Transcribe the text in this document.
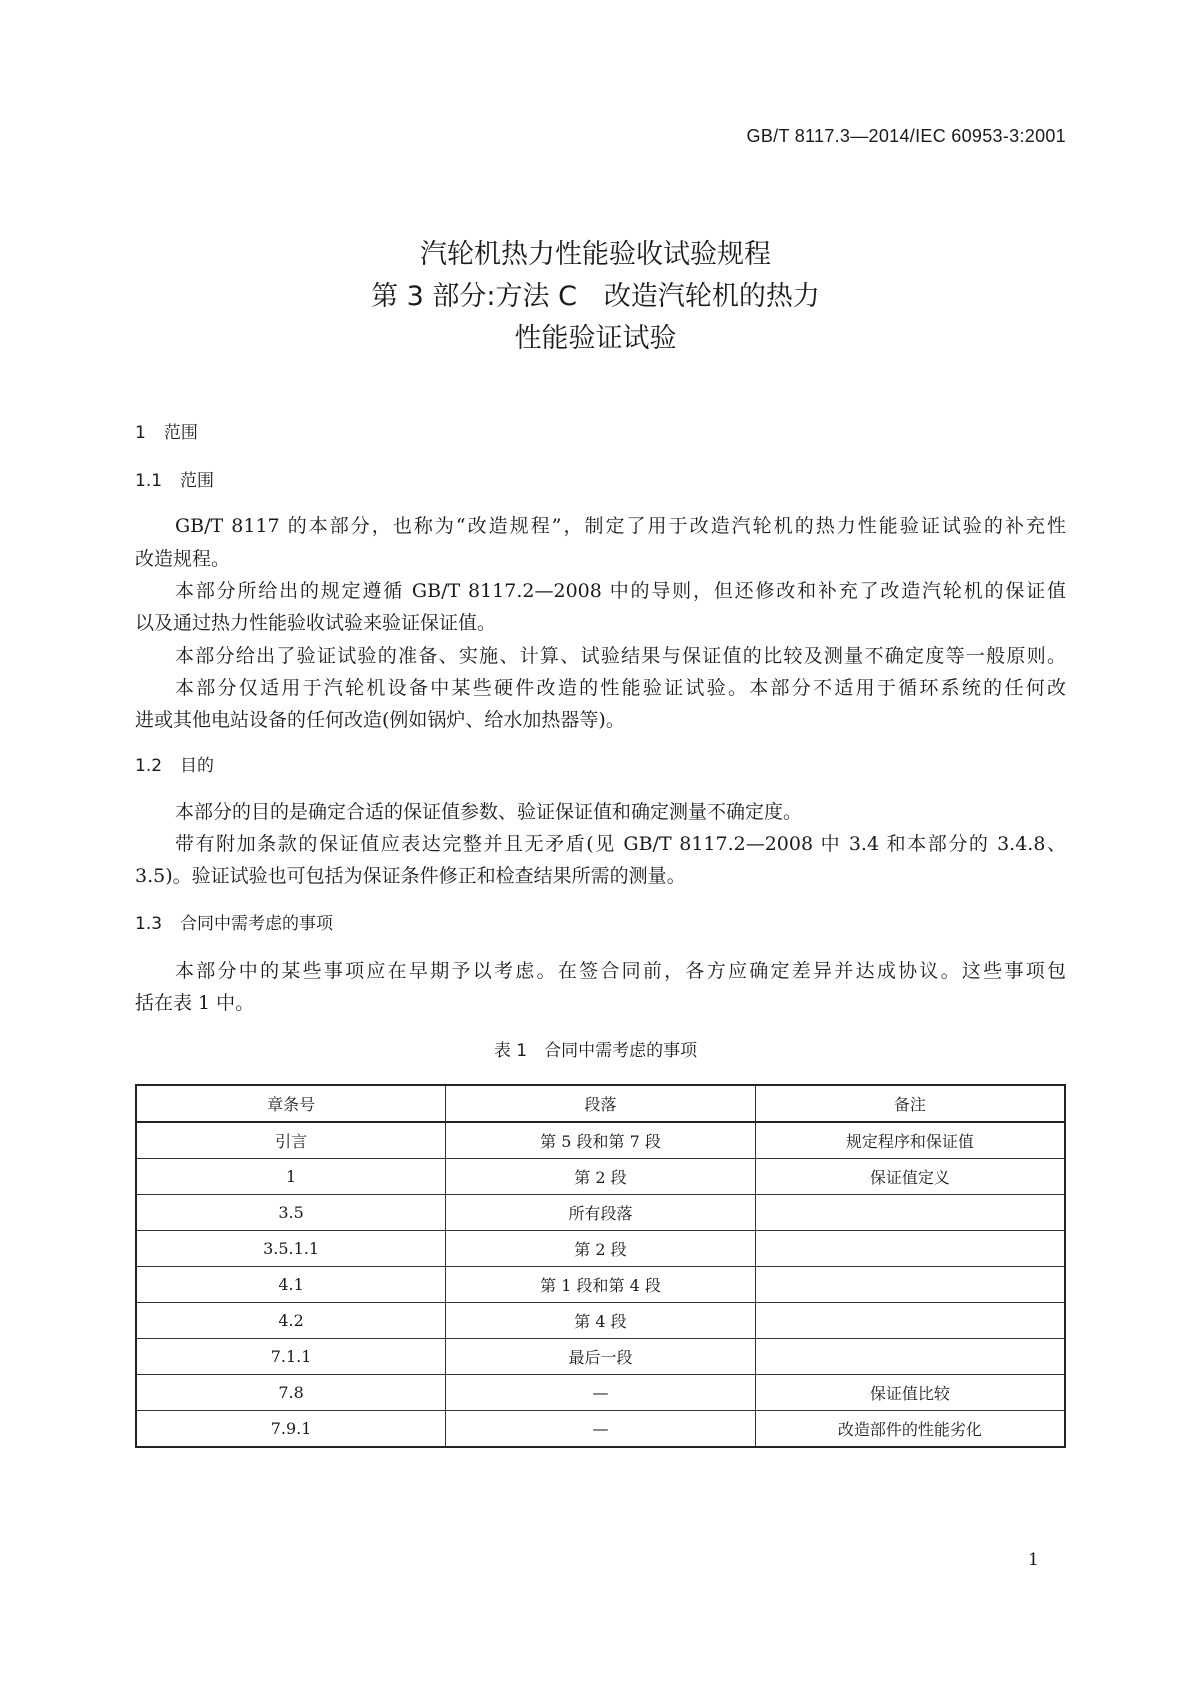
GB/T 8117.3—2014/IEC 60953-3:2001
汽轮机热力性能验收试验规程
第 3 部分:方法 C　改造汽轮机的热力
性能验证试验
1 范围
1.1 范围
GB/T 8117 的本部分，也称为“改造规程”，制定了用于改造汽轮机的热力性能验证试验的补充性
改造规程。
本部分所给出的规定遵循 GB/T 8117.2—2008 中的导则，但还修改和补充了改造汽轮机的保证值
以及通过热力性能验收试验来验证保证值。
本部分给出了验证试验的准备、实施、计算、试验结果与保证值的比较及测量不确定度等一般原则。
本部分仅适用于汽轮机设备中某些硬件改造的性能验证试验。本部分不适用于循环系统的任何改
进或其他电站设备的任何改造(例如锅炉、给水加热器等)。
1.2 目的
本部分的目的是确定合适的保证值参数、验证保证值和确定测量不确定度。
带有附加条款的保证值应表达完整并且无矛盾(见 GB/T 8117.2—2008 中 3.4 和本部分的 3.4.8、
3.5)。验证试验也可包括为保证条件修正和检查结果所需的测量。
1.3 合同中需考虑的事项
本部分中的某些事项应在早期予以考虑。在签合同前，各方应确定差异并达成协议。这些事项包
括在表 1 中。
表 1　合同中需考虑的事项
章条号	段落	备注
引言	第 5 段和第 7 段	规定程序和保证值
1	第 2 段	保证值定义
3.5	所有段落	
3.5.1.1	第 2 段	
4.1	第 1 段和第 4 段	
4.2	第 4 段	
7.1.1	最后一段	
7.8	—	保证值比较
7.9.1	—	改造部件的性能劣化
1
